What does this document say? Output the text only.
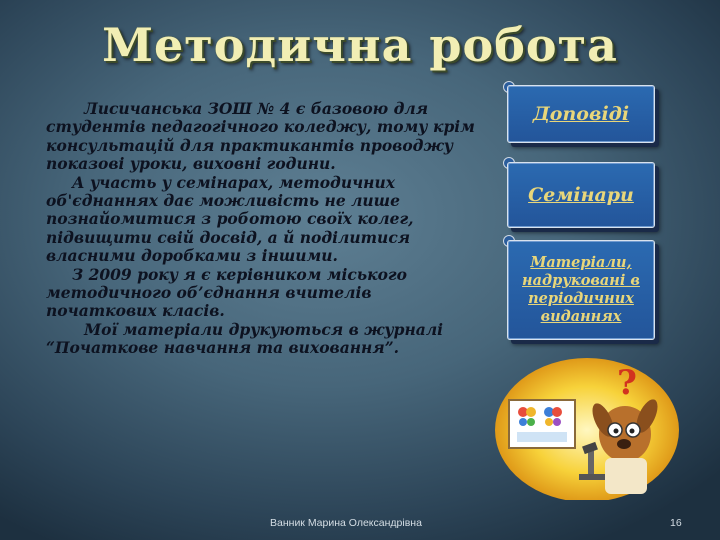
Методична робота

Лисичанська ЗОШ № 4 є базовою для студентів педагогічного коледжу, тому крім консультацій для практикантів проводжу показові уроки, виховні години.

А участь у семінарах, методичних об'єднаннях дає можливість не лише познайомитися з роботою своїх колег, підвищити свій досвід, а й поділитися власними доробками з іншими.

З 2009 року я є керівником міського методичного об’єднання вчителів початкових класів.

Мої матеріали друкуються в журналі “Початкове навчання та виховання”.

Доповіді
Семінари
Матеріали, надруковані в періодичних виданнях
?
Ванник Марина Олександрівна	16
